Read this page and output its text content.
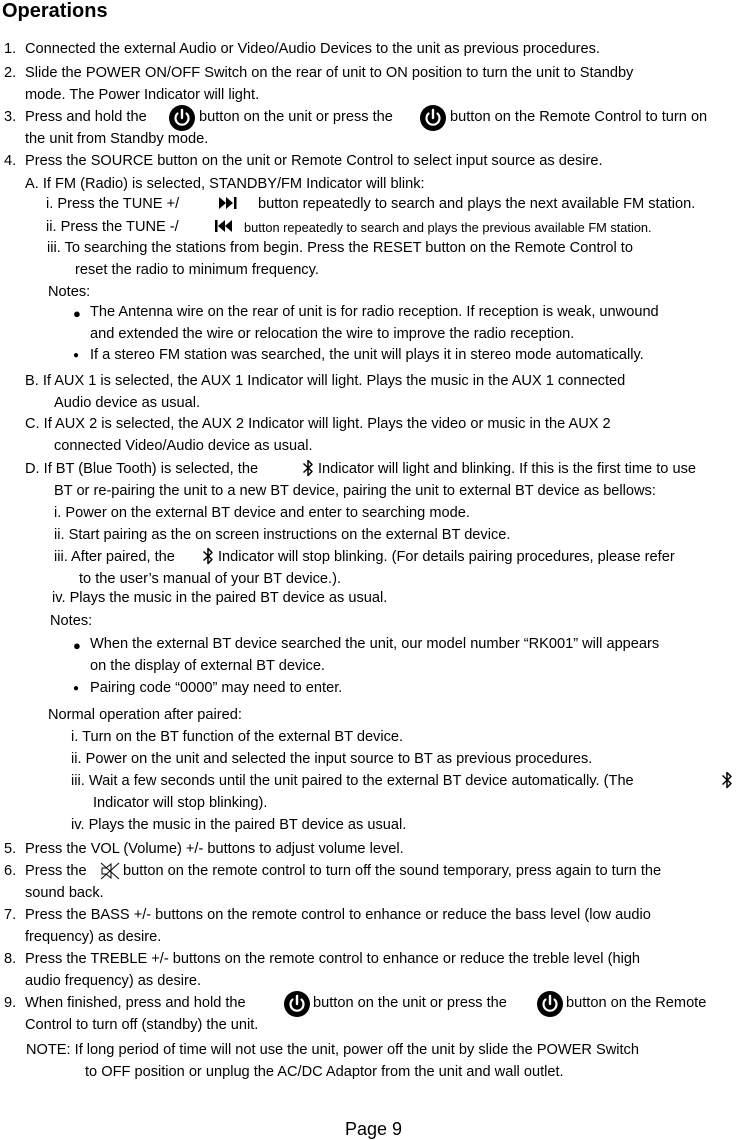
Operations
1. Connected the external Audio or Video/Audio Devices to the unit as previous procedures.
2. Slide the POWER ON/OFF Switch on the rear of unit to ON position to turn the unit to Standby
mode. The Power Indicator will light.
3. Press and hold the	button on the unit or press the	button on the Remote Control to turn on
the unit from Standby mode.
4. Press the SOURCE button on the unit or Remote Control to select input source as desire.
A. If FM (Radio) is selected, STANDBY/FM Indicator will blink:
i. Press the TUNE +/	button repeatedly to search and plays the next available FM station.
ii. Press the TUNE -/	button repeatedly to search and plays the previous available FM station.
iii. To searching the stations from begin. Press the RESET button on the Remote Control to
reset the radio to minimum frequency.
Notes:
● The Antenna wire on the rear of unit is for radio reception. If reception is weak, unwound
and extended the wire or relocation the wire to improve the radio reception.
● If a stereo FM station was searched, the unit will plays it in stereo mode automatically.
B. If AUX 1 is selected, the AUX 1 Indicator will light. Plays the music in the AUX 1 connected
Audio device as usual.
C. If AUX 2 is selected, the AUX 2 Indicator will light. Plays the video or music in the AUX 2
connected Video/Audio device as usual.
D. If BT (Blue Tooth) is selected, the	Indicator will light and blinking. If this is the first time to use
BT or re-pairing the unit to a new BT device, pairing the unit to external BT device as bellows:
i. Power on the external BT device and enter to searching mode.
ii. Start pairing as the on screen instructions on the external BT device.
iii. After paired, the	Indicator will stop blinking. (For details pairing procedures, please refer
to the user’s manual of your BT device.).
iv. Plays the music in the paired BT device as usual.
Notes:
● When the external BT device searched the unit, our model number “RK001” will appears
on the display of external BT device.
● Pairing code “0000” may need to enter.
Normal operation after paired:
i. Turn on the BT function of the external BT device.
ii. Power on the unit and selected the input source to BT as previous procedures.
iii. Wait a few seconds until the unit paired to the external BT device automatically. (The
Indicator will stop blinking).
iv. Plays the music in the paired BT device as usual.
5. Press the VOL (Volume) +/- buttons to adjust volume level.
6. Press the button on the remote control to turn off the sound temporary, press again to turn the
sound back.
7. Press the BASS +/- buttons on the remote control to enhance or reduce the bass level (low audio
frequency) as desire.
8. Press the TREBLE +/- buttons on the remote control to enhance or reduce the treble level (high
audio frequency) as desire.
9. When finished, press and hold the	button on the unit or press the	button on the Remote
Control to turn off (standby) the unit.
NOTE: If long period of time will not use the unit, power off the unit by slide the POWER Switch
to OFF position or unplug the AC/DC Adaptor from the unit and wall outlet.
Page 9
